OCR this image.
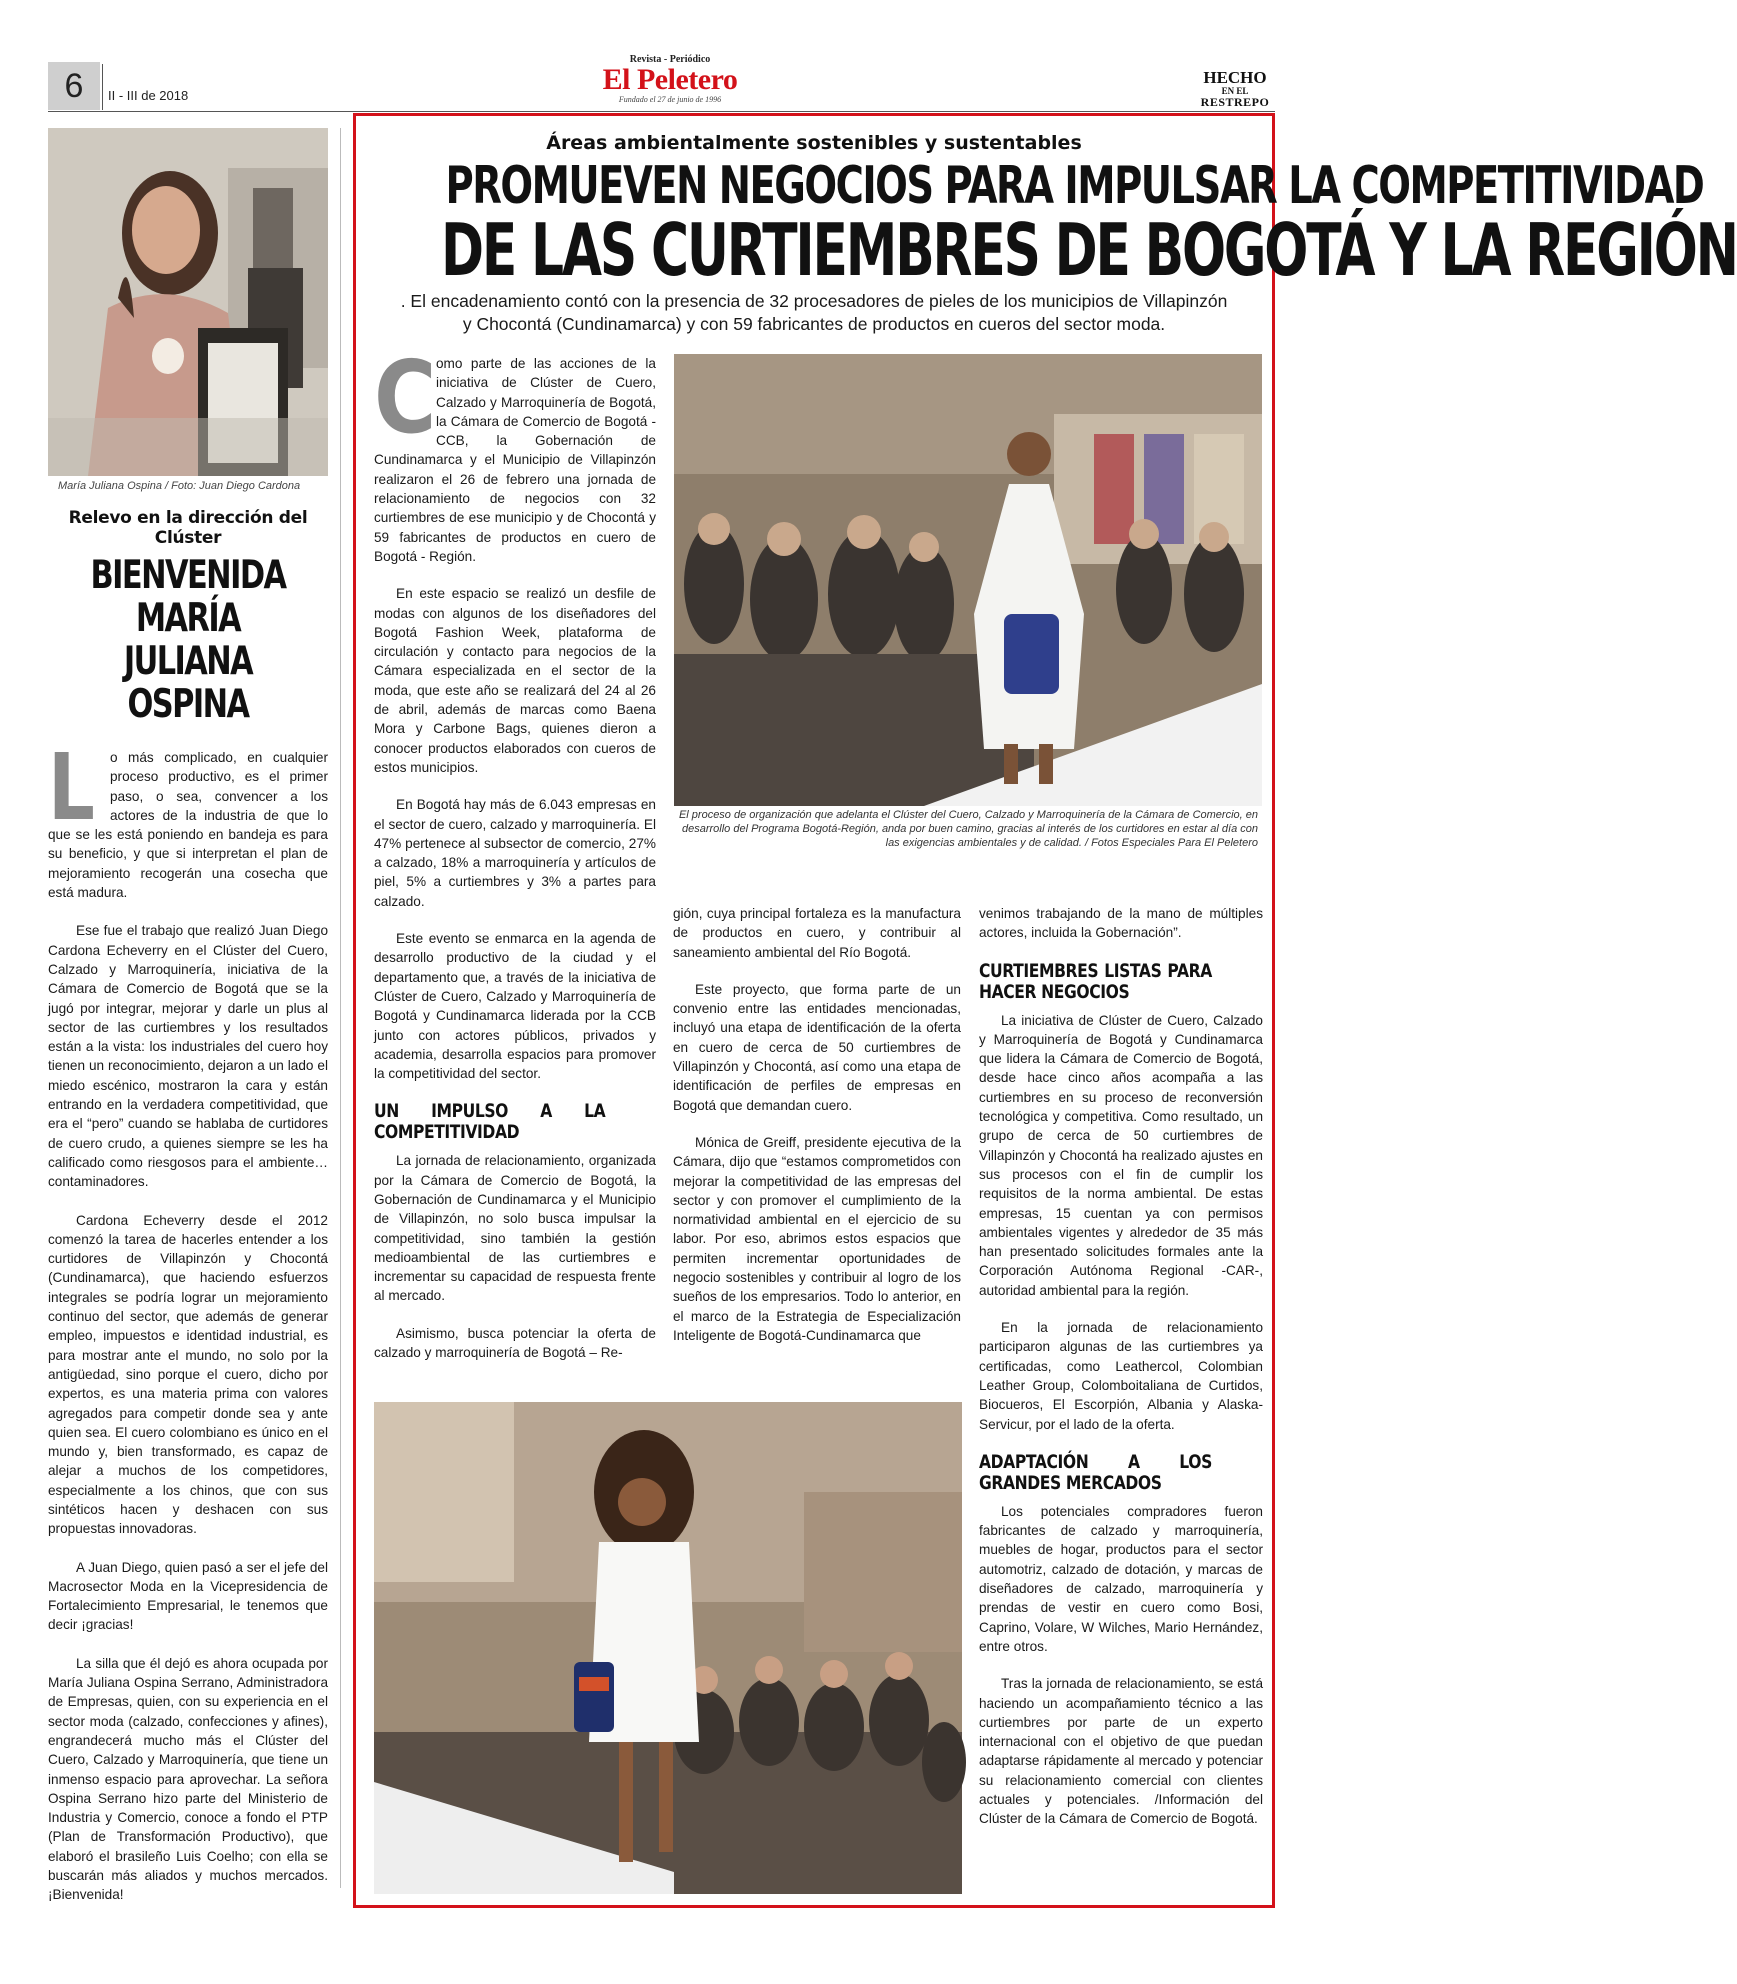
6	II - III de 2018
Revista - Periódico
El Peletero
Fundado el 27 de junio de 1996
HECHO
EN EL
RESTREPO
María Juliana Ospina / Foto: Juan Diego Cardona
Relevo en la dirección del Clúster
BIENVENIDA MARÍA
JULIANA OSPINA

L o más complicado, en cualquier proceso productivo, es el primer paso, o sea, convencer a los actores de la industria de que lo que se les está poniendo en bandeja es para su beneficio, y que si interpretan el plan de mejoramiento recogerán una cosecha que está madura.

Ese fue el trabajo que realizó Juan Diego Cardona Echeverry en el Clúster del Cuero, Calzado y Marroquinería, iniciativa de la Cámara de Comercio de Bogotá que se la jugó por integrar, mejorar y darle un plus al sector de las curtiembres y los resultados están a la vista: los industriales del cuero hoy tienen un reconocimiento, dejaron a un lado el miedo escénico, mostraron la cara y están entrando en la verdadera competitividad, que era el “pero” cuando se hablaba de curtidores de cuero crudo, a quienes siempre se les ha calificado como riesgosos para el ambiente… contaminadores.

Cardona Echeverry desde el 2012 comenzó la tarea de hacerles entender a los curtidores de Villapinzón y Chocontá (Cundinamarca), que haciendo esfuerzos integrales se podría lograr un mejoramiento continuo del sector, que además de generar empleo, impuestos e identidad industrial, es para mostrar ante el mundo, no solo por la antigüedad, sino porque el cuero, dicho por expertos, es una materia prima con valores agregados para competir donde sea y ante quien sea. El cuero colombiano es único en el mundo y, bien transformado, es capaz de alejar a muchos de los competidores, especialmente a los chinos, que con sus sintéticos hacen y deshacen con sus propuestas innovadoras.

A Juan Diego, quien pasó a ser el jefe del Macrosector Moda en la Vicepresidencia de Fortalecimiento Empresarial, le tenemos que decir ¡gracias!

La silla que él dejó es ahora ocupada por María Juliana Ospina Serrano, Administradora de Empresas, quien, con su experiencia en el sector moda (calzado, confecciones y afines), engrandecerá mucho más el Clúster del Cuero, Calzado y Marroquinería, que tiene un inmenso espacio para aprovechar. La señora Ospina Serrano hizo parte del Ministerio de Industria y Comercio, conoce a fondo el PTP (Plan de Transformación Productivo), que elaboró el brasileño Luis Coelho; con ella se buscarán más aliados y muchos mercados. ¡Bienvenida!

Áreas ambientalmente sostenibles y sustentables
PROMUEVEN NEGOCIOS PARA IMPULSAR LA COMPETITIVIDAD
DE LAS CURTIEMBRES DE BOGOTÁ Y LA REGIÓN
. El encadenamiento contó con la presencia de 32 procesadores de pieles de los municipios de Villapinzón
y Chocontá (Cundinamarca) y con 59 fabricantes de productos en cueros del sector moda.

Como parte de las acciones de la iniciativa de Clúster de Cuero, Calzado y Marroquinería de Bogotá, la Cámara de Comercio de Bogotá - CCB, la Gobernación de Cundinamarca y el Municipio de Villapinzón realizaron el 26 de febrero una jornada de relacionamiento de negocios con 32 curtiembres de ese municipio y de Chocontá y 59 fabricantes de productos en cuero de Bogotá - Región.

En este espacio se realizó un desfile de modas con algunos de los diseñadores del Bogotá Fashion Week, plataforma de circulación y contacto para negocios de la Cámara especializada en el sector de la moda, que este año se realizará del 24 al 26 de abril, además de marcas como Baena Mora y Carbone Bags, quienes dieron a conocer productos elaborados con cueros de estos municipios.

En Bogotá hay más de 6.043 empresas en el sector de cuero, calzado y marroquinería. El 47% pertenece al subsector de comercio, 27% a calzado, 18% a marroquinería y artículos de piel, 5% a curtiembres y 3% a partes para calzado.

Este evento se enmarca en la agenda de desarrollo productivo de la ciudad y el departamento que, a través de la iniciativa de Clúster de Cuero, Calzado y Marroquinería de Bogotá y Cundinamarca liderada por la CCB junto con actores públicos, privados y academia, desarrolla espacios para promover la competitividad del sector.

UN IMPULSO A LA COMPETITIVIDAD

La jornada de relacionamiento, organizada por la Cámara de Comercio de Bogotá, la Gobernación de Cundinamarca y el Municipio de Villapinzón, no solo busca impulsar la competitividad, sino también la gestión medioambiental de las curtiembres e incrementar su capacidad de respuesta frente al mercado.

Asimismo, busca potenciar la oferta de calzado y marroquinería de Bogotá – Re-

El proceso de organización que adelanta el Clúster del Cuero, Calzado y Marroquinería de la Cámara de Comercio, en desarrollo del Programa Bogotá-Región, anda por buen camino, gracias al interés de los curtidores en estar al día con las exigencias ambientales y de calidad. / Fotos Especiales Para El Peletero

gión, cuya principal fortaleza es la manufactura de productos en cuero, y contribuir al saneamiento ambiental del Río Bogotá.

Este proyecto, que forma parte de un convenio entre las entidades mencionadas, incluyó una etapa de identificación de la oferta en cuero de cerca de 50 curtiembres de Villapinzón y Chocontá, así como una etapa de identificación de perfiles de empresas en Bogotá que demandan cuero.

Mónica de Greiff, presidente ejecutiva de la Cámara, dijo que “estamos comprometidos con mejorar la competitividad de las empresas del sector y con promover el cumplimiento de la normatividad ambiental en el ejercicio de su labor. Por eso, abrimos estos espacios que permiten incrementar oportunidades de negocio sostenibles y contribuir al logro de los sueños de los empresarios. Todo lo anterior, en el marco de la Estrategia de Especialización Inteligente de Bogotá-Cundinamarca que

venimos trabajando de la mano de múltiples actores, incluida la Gobernación”.

CURTIEMBRES LISTAS PARA HACER NEGOCIOS

La iniciativa de Clúster de Cuero, Calzado y Marroquinería de Bogotá y Cundinamarca que lidera la Cámara de Comercio de Bogotá, desde hace cinco años acompaña a las curtiembres en su proceso de reconversión tecnológica y competitiva. Como resultado, un grupo de cerca de 50 curtiembres de Villapinzón y Chocontá ha realizado ajustes en sus procesos con el fin de cumplir los requisitos de la norma ambiental. De estas empresas, 15 cuentan ya con permisos ambientales vigentes y alrededor de 35 más han presentado solicitudes formales ante la Corporación Autónoma Regional -CAR-, autoridad ambiental para la región.

En la jornada de relacionamiento participaron algunas de las curtiembres ya certificadas, como Leathercol, Colombian Leather Group, Colomboitaliana de Curtidos, Biocueros, El Escorpión, Albania y Alaska-Servicur, por el lado de la oferta.

ADAPTACIÓN A LOS GRANDES MERCADOS

Los potenciales compradores fueron fabricantes de calzado y marroquinería, muebles de hogar, productos para el sector automotriz, calzado de dotación, y marcas de diseñadores de calzado, marroquinería y prendas de vestir en cuero como Bosi, Caprino, Volare, W Wilches, Mario Hernández, entre otros.

Tras la jornada de relacionamiento, se está haciendo un acompañamiento técnico a las curtiembres por parte de un experto internacional con el objetivo de que puedan adaptarse rápidamente al mercado y potenciar su relacionamiento comercial con clientes actuales y potenciales. /Información del Clúster de la Cámara de Comercio de Bogotá.
